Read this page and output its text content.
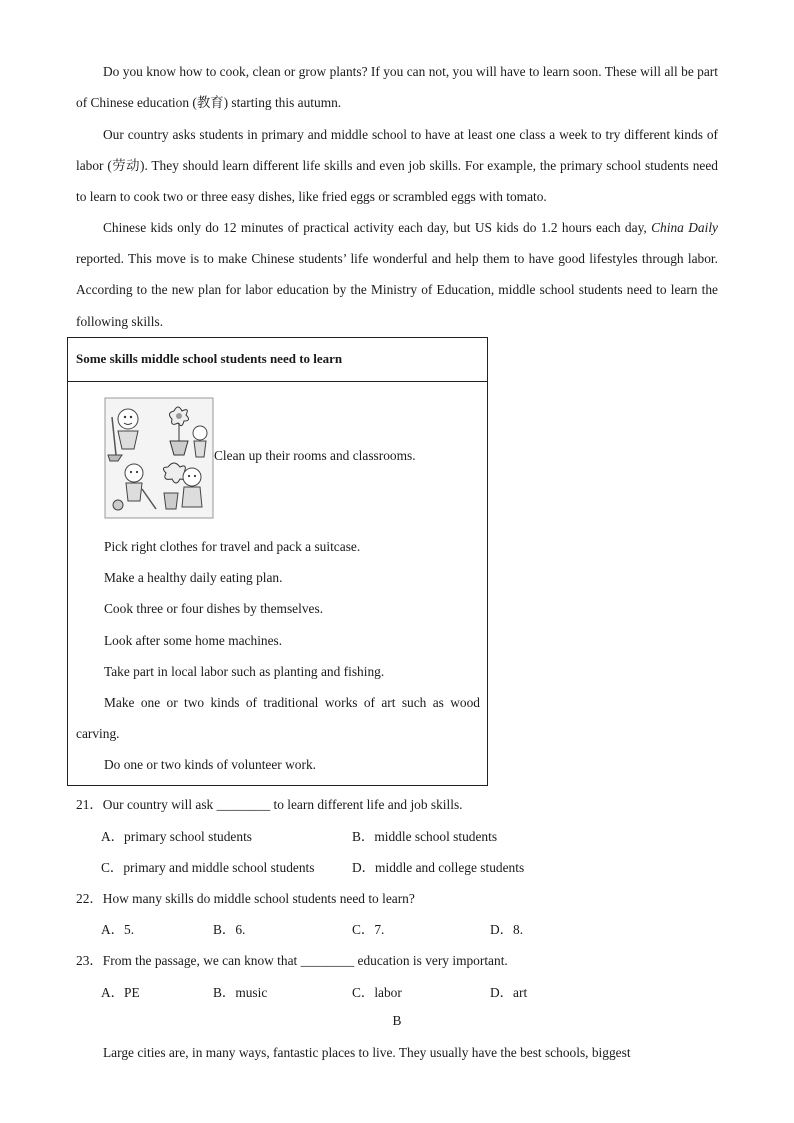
Do you know how to cook, clean or grow plants? If you can not, you will have to learn soon. These will all be part of Chinese education (教育) starting this autumn.
Our country asks students in primary and middle school to have at least one class a week to try different kinds of labor (劳动). They should learn different life skills and even job skills. For example, the primary school students need to learn to cook two or three easy dishes, like fried eggs or scrambled eggs with tomato.
Chinese kids only do 12 minutes of practical activity each day, but US kids do 1.2 hours each day, China Daily reported. This move is to make Chinese students’ life wonderful and help them to have good lifestyles through labor. According to the new plan for labor education by the Ministry of Education, middle school students need to learn the following skills.
Some skills middle school students need to learn
Clean up their rooms and classrooms.
Pick right clothes for travel and pack a suitcase.
Make a healthy daily eating plan.
Cook three or four dishes by themselves.
Look after some home machines.
Take part in local labor such as planting and fishing.
Make one or two kinds of traditional works of art such as wood carving.
Do one or two kinds of volunteer work.
21．Our country will ask ________ to learn different life and job skills.
A．primary school students	B．middle school students
C．primary and middle school students	D．middle and college students
22．How many skills do middle school students need to learn?
A．5.	B．6.	C．7.	D．8.
23．From the passage, we can know that ________ education is very important.
A．PE	B．music	C．labor	D．art
B
Large cities are, in many ways, fantastic places to live. They usually have the best schools, biggest
